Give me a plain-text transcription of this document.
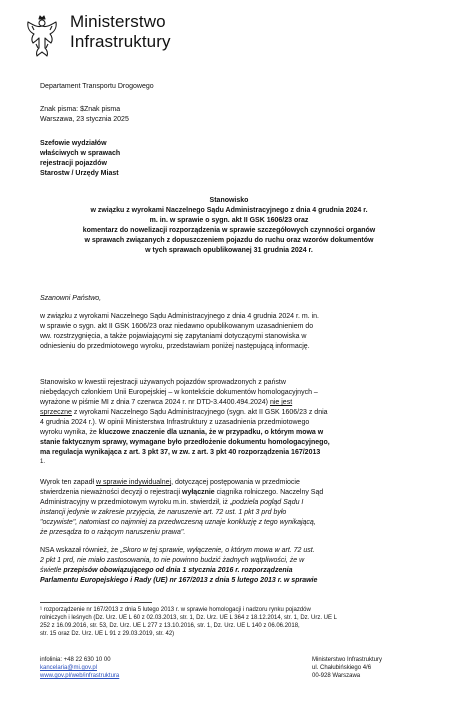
Ministerstwo
Infrastruktury
Departament Transportu Drogowego
Znak pisma: $Znak pisma
Warszawa, 23 stycznia 2025
Szefowie wydziałów
właściwych w sprawach
rejestracji pojazdów
Starostw / Urzędy Miast
Stanowisko
w związku z wyrokami Naczelnego Sądu Administracyjnego z dnia 4 grudnia 2024 r.
m. in. w sprawie o sygn. akt II GSK 1606/23 oraz
komentarz do nowelizacji rozporządzenia w sprawie szczegółowych czynności organów
w sprawach związanych z dopuszczeniem pojazdu do ruchu oraz wzorów dokumentów
w tych sprawach opublikowanej 31 grudnia 2024 r.
Szanowni Państwo,
w związku z wyrokami Naczelnego Sądu Administracyjnego z dnia 4 grudnia 2024 r. m. in.
w sprawie o sygn. akt II GSK 1606/23 oraz niedawno opublikowanym uzasadnieniem do
ww. rozstrzygnięcia, a także pojawiającymi się zapytaniami dotyczącymi stanowiska w
odniesieniu do przedmiotowego wyroku, przedstawiam poniżej następującą informację.
Stanowisko w kwestii rejestracji używanych pojazdów sprowadzonych z państw
niebędących członkiem Unii Europejskiej – w kontekście dokumentów homologacyjnych –
wyrażone w piśmie MI z dnia 7 czerwca 2024 r. nr DTD-3.4400.494.2024) nie jest
sprzeczne z wyrokami Naczelnego Sądu Administracyjnego (sygn. akt II GSK 1606/23 z dnia
4 grudnia 2024 r.). W opinii Ministerstwa Infrastruktury z uzasadnienia przedmiotowego
wyroku wynika, że kluczowe znaczenie dla uznania, że w przypadku, o którym mowa w
stanie faktycznym sprawy, wymagane było przedłożenie dokumentu homologacyjnego,
ma regulacja wynikająca z art. 3 pkt 37, w zw. z art. 3 pkt 40 rozporządzenia 167/2013
1.
Wyrok ten zapadł w sprawie indywidualnej, dotyczącej postępowania w przedmiocie
stwierdzenia nieważności decyzji o rejestracji wyłącznie ciągnika rolniczego. Naczelny Sąd
Administracyjny w przedmiotowym wyroku m.in. stwierdził, iż „podziela pogląd Sądu I
instancji jedynie w zakresie przyjęcia, że naruszenie art. 72 ust. 1 pkt 3 prd było
"oczywiste", natomiast co najmniej za przedwczesną uznaje konkluzję z tego wynikającą,
że przesądza to o rażącym naruszeniu prawa".
NSA wskazał również, że „Skoro w tej sprawie, wyłączenie, o którym mowa w art. 72 ust.
2 pkt 1 prd, nie miało zastosowania, to nie powinno budzić żadnych wątpliwości, że w
świetle przepisów obowiązującego od dnia 1 stycznia 2016 r. rozporządzenia
Parlamentu Europejskiego i Rady (UE) nr 167/2013 z dnia 5 lutego 2013 r. w sprawie
¹ rozporządzenie nr 167/2013 z dnia 5 lutego 2013 r. w sprawie homologacji i nadzoru rynku pojazdów
rolniczych i leśnych (Dz. Urz. UE L 60 z 02.03.2013, str. 1, Dz. Urz. UE L 364 z 18.12.2014, str. 1, Dz. Urz. UE L
252 z 16.09.2016, str. 53, Dz. Urz. UE L 277 z 13.10.2016, str. 1, Dz. Urz. UE L 140 z 06.06.2018,
str. 15 oraz Dz. Urz. UE L 91 z 29.03.2019, str. 42)
infolinia: +48 22 630 10 00
kancelaria@mi.gov.pl
www.gov.pl/web/infrastruktura
Ministerstwo Infrastruktury
ul. Chałubińskiego 4/6
00-928 Warszawa
